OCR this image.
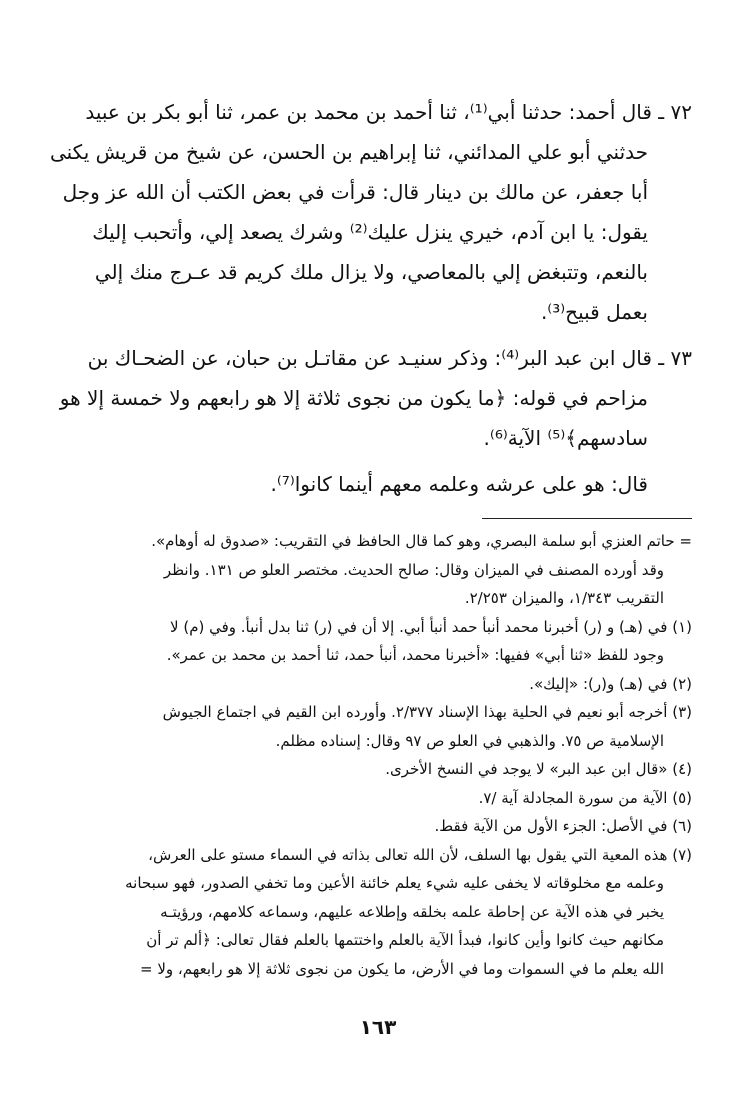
٧٢ ـ قال أحمد: حدثنا أبي⁽¹⁾، ثنا أحمد بن محمد بن عمر، ثنا أبو بكر بن عبيد
حدثني أبو علي المدائني، ثنا إبراهيم بن الحسن، عن شيخ من قريش يكنى
أبا جعفر، عن مالك بن دينار قال: قرأت في بعض الكتب أن الله عز وجل
يقول: يا ابن آدم، خيري ينزل عليك⁽²⁾ وشرك يصعد إلي، وأتحبب إليك
بالنعم، وتتبغض إلي بالمعاصي، ولا يزال ملك كريم قد عـرج منك إلي
بعمل قبيح⁽³⁾.

٧٣ ـ قال ابن عبد البر⁽⁴⁾: وذكر سنيـد عن مقاتـل بن حبان، عن الضحـاك بن
مزاحم في قوله: ﴿ما يكون من نجوى ثلاثة إلا هو رابعهم ولا خمسة إلا هو
سادسهم﴾⁽⁵⁾ الآية⁽⁶⁾.

قال: هو على عرشه وعلمه معهم أينما كانوا⁽⁷⁾.

= حاتم العنزي أبو سلمة البصري، وهو كما قال الحافظ في التقريب: «صدوق له أوهام».
وقد أورده المصنف في الميزان وقال: صالح الحديث. مختصر العلو ص ١٣١. وانظر
التقريب ١/٣٤٣، والميزان ٢/٢٥٣.
(١) في (هـ) و (ر) أخبرنا محمد أنبأ حمد أنبأ أبي. إلا أن في (ر) ثنا بدل أنبأ. وفي (م) لا
وجود للفظ «ثنا أبي» ففيها: «أخبرنا محمد، أنبأ حمد، ثنا أحمد بن محمد بن عمر».
(٢) في (هـ) و(ر): «إليك».
(٣) أخرجه أبو نعيم في الحلية بهذا الإسناد ٢/٣٧٧. وأورده ابن القيم في اجتماع الجيوش
الإسلامية ص ٧٥. والذهبي في العلو ص ٩٧ وقال: إسناده مظلم.
(٤) «قال ابن عبد البر» لا يوجد في النسخ الأخرى.
(٥) الآية من سورة المجادلة آية /٧.
(٦) في الأصل: الجزء الأول من الآية فقط.
(٧) هذه المعية التي يقول بها السلف، لأن الله تعالى بذاته في السماء مستو على العرش،
وعلمه مع مخلوقاته لا يخفى عليه شيء يعلم خائنة الأعين وما تخفي الصدور، فهو سبحانه
يخبر في هذه الآية عن إحاطة علمه بخلقه وإطلاعه عليهم، وسماعه كلامهم، ورؤيتـه
مكانهم حيث كانوا وأين كانوا، فبدأ الآية بالعلم واختتمها بالعلم فقال تعالى: ﴿ألم تر أن
الله يعلم ما في السموات وما في الأرض، ما يكون من نجوى ثلاثة إلا هو رابعهم، ولا =
١٦٣
